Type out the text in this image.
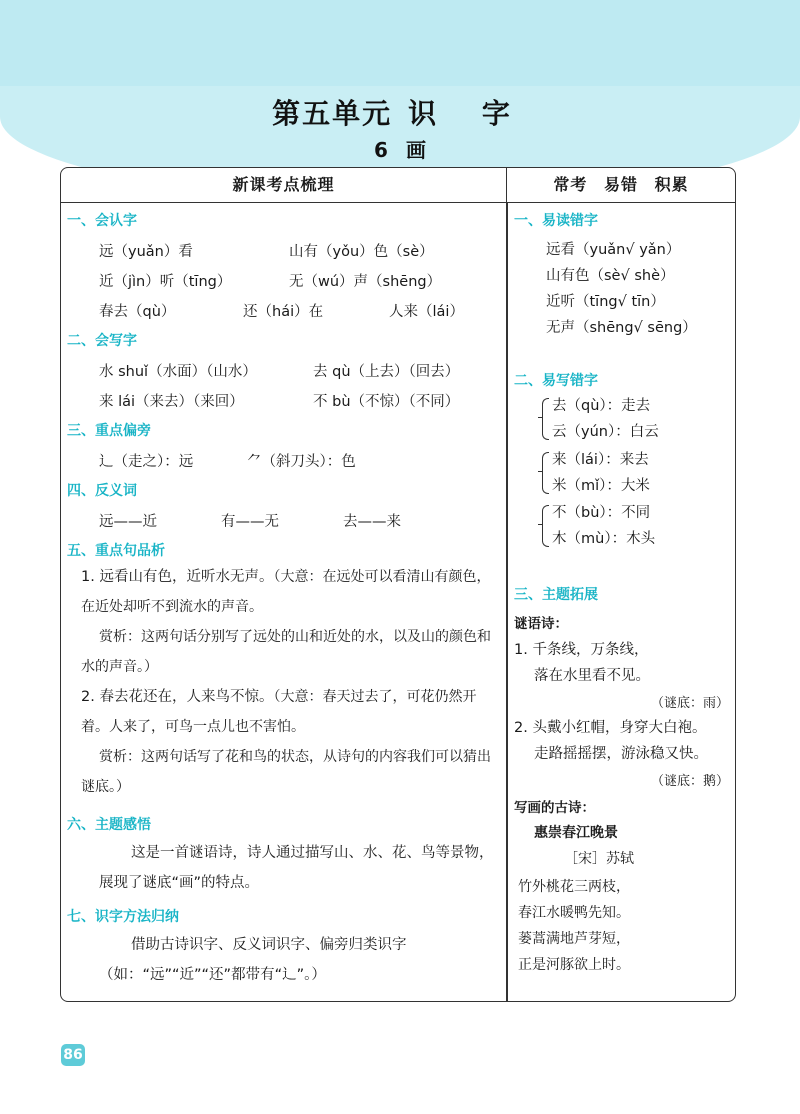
第五单元 识 字
6 画
新课考点梳理	常考 易错 积累
一、会认字
远（yuǎn）看	山有（yǒu）色（sè）
近（jìn）听（tīng）	无（wú）声（shēng）
春去（qù）	还（hái）在	人来（lái）
二、会写字
水 shuǐ（水面）（山水）	去 qù（上去）（回去）
来 lái（来去）（来回）	不 bù（不惊）（不同）
三、重点偏旁
辶（走之）：远	⺈（斜刀头）：色
四、反义词
远——近	有——无	去——来
五、重点句品析
1. 远看山有色，近听水无声。（大意：在远处可以看清山有颜色，在近处却听不到流水的声音。
赏析：这两句话分别写了远处的山和近处的水，以及山的颜色和水的声音。）
2. 春去花还在，人来鸟不惊。（大意：春天过去了，可花仍然开着。人来了，可鸟一点儿也不害怕。
赏析：这两句话写了花和鸟的状态，从诗句的内容我们可以猜出谜底。）
六、主题感悟
这是一首谜语诗，诗人通过描写山、水、花、鸟等景物，展现了谜底“画”的特点。
七、识字方法归纳
借助古诗识字、反义词识字、偏旁归类识字（如：“远”“近”“还”都带有“辶”。）
一、易读错字
远看（yuǎn√ yǎn）
山有色（sè√ shè）
近听（tīng√ tīn）
无声（shēng√ sēng）
二、易写错字
去（qù）：走去
云（yún）：白云
来（lái）：来去
米（mǐ）：大米
不（bù）：不同
木（mù）：木头
三、主题拓展
谜语诗：
1. 千条线，万条线，
落在水里看不见。
（谜底：雨）
2. 头戴小红帽，身穿大白袍。
走路摇摇摆，游泳稳又快。
（谜底：鹅）
写画的古诗：
惠崇春江晚景
［宋］苏轼
竹外桃花三两枝，
春江水暖鸭先知。
蒌蒿满地芦芽短，
正是河豚欲上时。
86
